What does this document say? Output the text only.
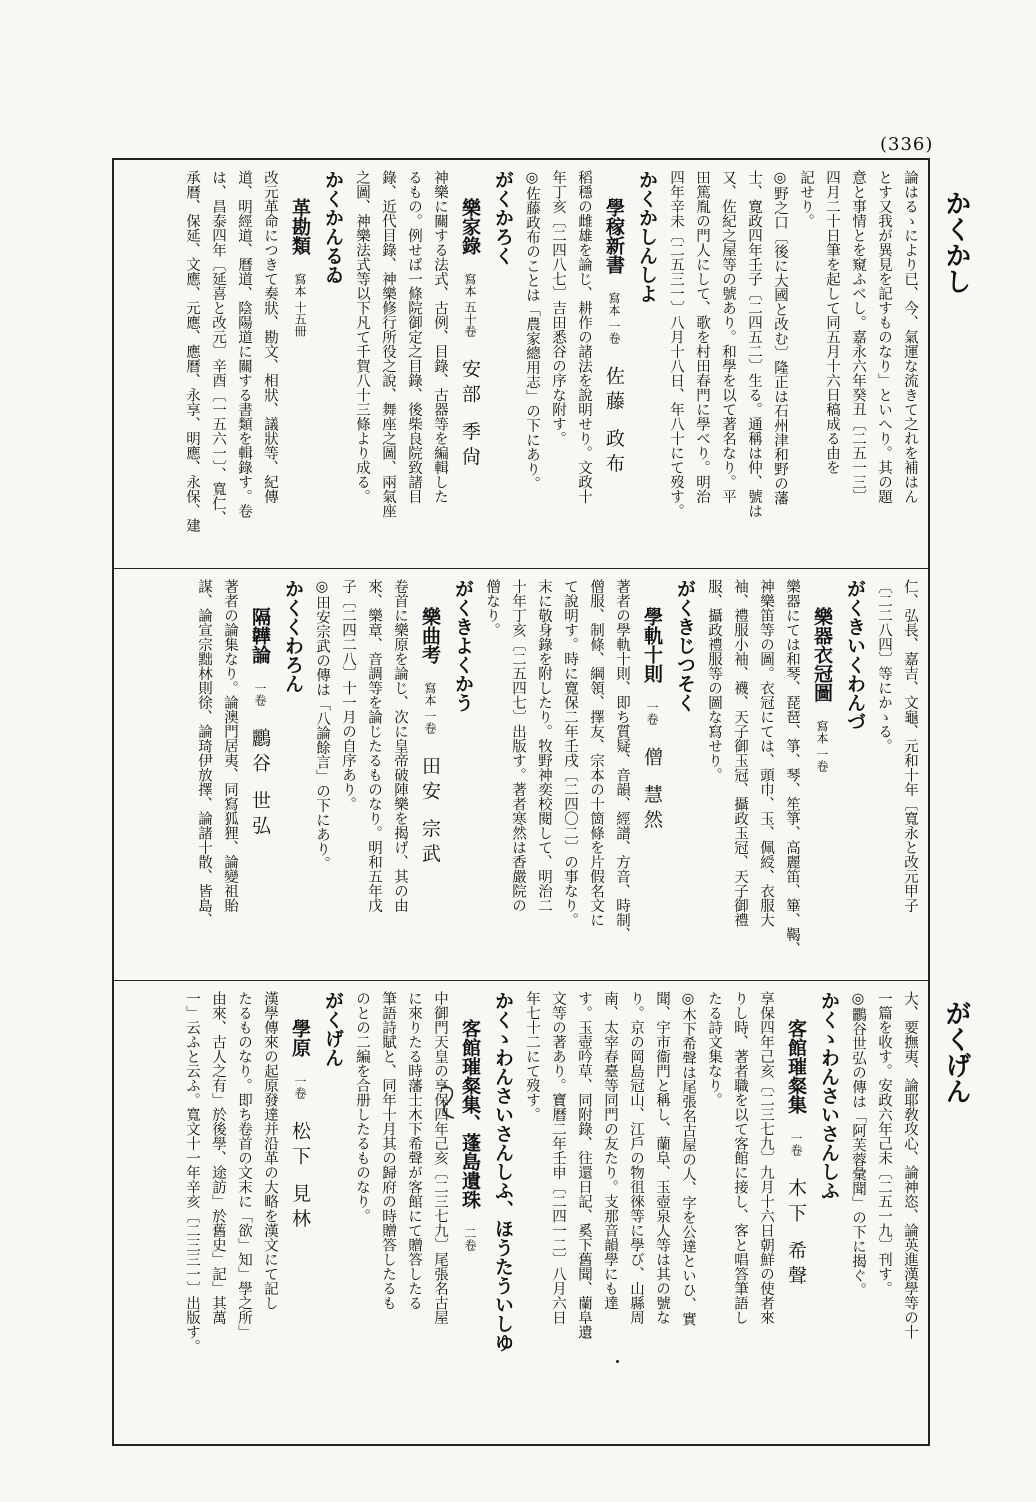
(336)
かくかし
がくげん
論はるゝにより已、今、氣運な流きて之れを補はん
とす又我が異見を記すものなり」といへり。其の題
意と事情とを窺ふべし。嘉永六年癸丑〔二五一三〕
四月二十日筆を起して同五月十六日稿成る由を
記せり。
◎野之口〔後に大國と改む〕隆正は石州津和野の藩
士、寛政四年壬子〔二四五二〕生る。通稱は仲、號は
又、佐紀之屋等の號あり。和學を以て著名なり。平
田篤胤の門人にして、歌を村田春門に學べり。明治
四年辛未〔二五三一〕八月十八日、年八十にて歿す。
かくかしんしよ
學稼新書 寫本 一卷 佐藤 政布
稻穩の雌雄を論じ、耕作の諸法を說明せり。文政十
年丁亥〔二四八七〕吉田悉谷の序な附す。
◎佐藤政布のことは「農家總用志」の下にあり。
がくかろく
樂家錄 寫本 五十卷 安部 季尙
神樂に關する法式、古例、目錄、古器等を編輯した
るもの。例せば一條院御定之目錄、後柴良院致諸目
錄、近代目錄、神樂修行所役之說、舞座之圖、兩氣座
之圖、神樂法式等以下凡て千賀八十三條より成る。
かくかんるゐ
革勘類 寫本 十五冊
改元革命につきて奏狀、勘文、相狀、議狀等、紀傳
道、明經道、曆道、陰陽道に關する書類を輯錄す。卷
は、昌泰四年〔延喜と改元〕辛酉〔一五六一〕、寬仁、
承曆、保延、文應、元應、應曆、永享、明應、永保、建
仁、弘長、嘉吉、文龜、元和十年〔寬永と改元甲子
〔二二八四〕等にかゝる。
がくきいくわんづ
樂器衣冠圖 寫本 一卷
樂器にては和琴、琵琶、箏、琴、笙箏、高麗笛、篳、鞨、
神樂笛等の圖。衣冠にては、頭巾、玉、佩綬、衣服大
袖、禮服小袖、襪、天子御玉冠、攝政玉冠、天子御禮
服、攝政禮服等の圖な寫せり。
がくきじつそく
學軌十則 一卷 僧 慧然
著者の學軌十則、即ち質疑、音韻、經譜、方音、時制、
僧服、制條、綱領、擇友、宗本の十箇條を片假名文に
て說明す。時に寛保二年壬戌〔二四〇二〕の事なり。
末に敬身錄を附したり。牧野神奕校閱して、明治二
十年丁亥〔二五四七〕出版す。著者寒然は香嚴院の
僧なり。
がくきよくかう
樂曲考 寫本 一卷 田安 宗武
卷首に樂原を論じ、次に皇帝破陣樂を揭げ、其の由
來、樂章、音調等を論じたるものなり。明和五年戊
子〔二四二八〕十一月の自序あり。
◎田安宗武の傳は「八論餘言」の下にあり。
かくくわろん
隔韡論 一卷 鸝谷 世弘
著者の論集なり。論澳門居夷、同寫狐狸、論變祖貽
謀、論宣宗黜林則徐、論琦伊放擇、論諸十散、皆島、
大、要撫夷、論耶敎攻心、論神恣、論英進漢學等の十
一篇を收す。安政六年己未〔二五一九〕刊す。
◎鸝谷世弘の傳は「阿芙蓉彙聞」の下に揭ぐ。
かくゝわんさいさんしふ
客館璀粲集 一卷 木下 希聲
享保四年己亥〔二三七九〕九月十六日朝鮮の使者來
りし時、著者職を以て客館に接し、客と唱答筆語し
たる詩文集なり。
◎木下希聲は尾張名古屋の人、字を公達といひ、實
聞、宇市衞門と稱し、蘭阜、玉壺泉人等は其の號な
り。京の岡島冠山、江戶の物徂徠等に學び、山縣周
南、太宰春臺等同門の友たり。支那音韻學にも達
す。玉壺吟草、同附錄、往還日記、奚下舊聞、蘭阜遺
文等の著あり。寶曆二年壬申〔二四一二〕八月六日
年七十二にて歿す。
かくゝわんさいさんしふ、ほうたういしゆ
客館璀粲集、蓬島遺珠 二卷
中御門天皇の享保四年己亥〔二三七九〕尾張名古屋
に來りたる時藩士木下希聲が客館にて贈答したる
筆語詩賦と、同年十月其の歸府の時贈答したるも
のとの二編を合册したるものなり。
がくげん
學原 一卷 松下 見林
漢學傳來の起原發達并沿革の大略を漢文にて記し
たるものなり。即ち卷首の文末に「欲」知」學之所」
由來、古人之有」於後學、途訪」於舊史」記」其萬
一」云ふと云ふ。寬文十一年辛亥〔二三三一〕出版す。
